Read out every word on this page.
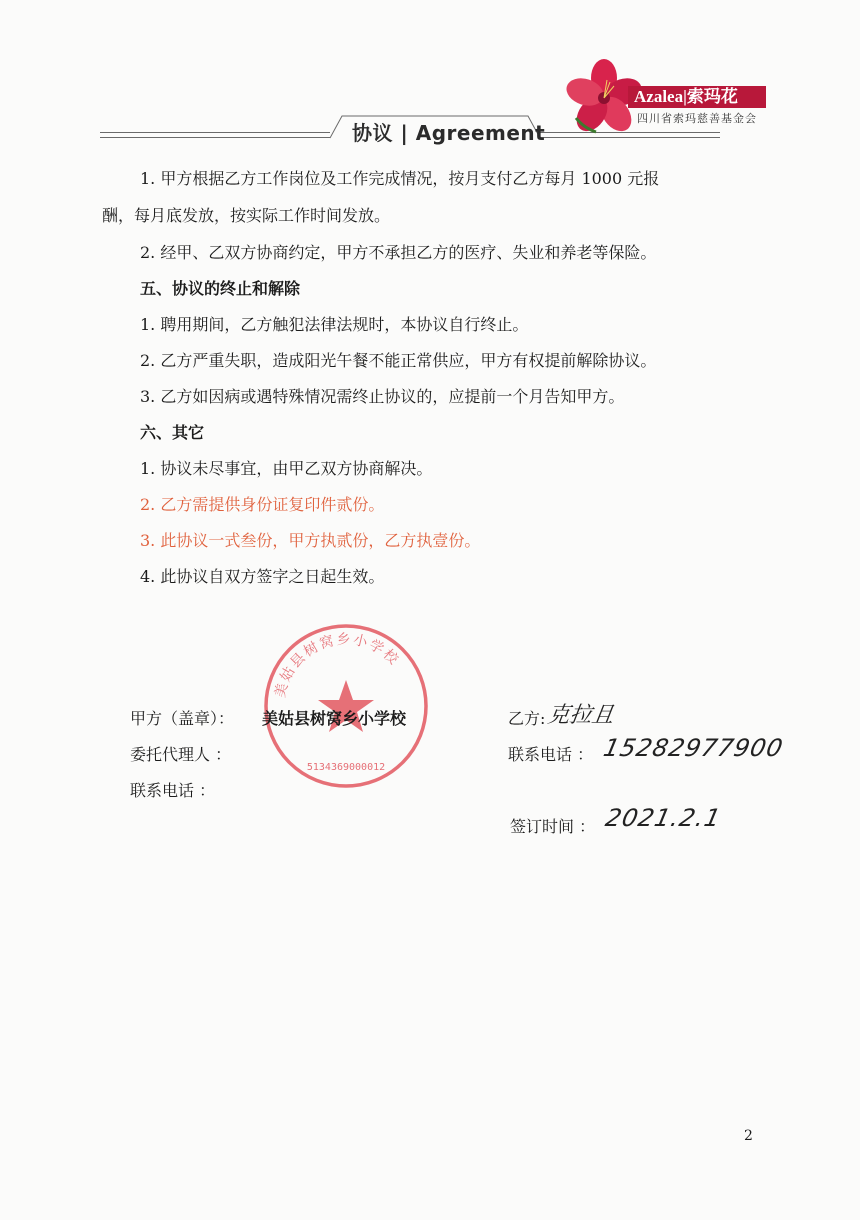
协议 | Agreement
Azalea|索玛花
四川省索玛慈善基金会
1. 甲方根据乙方工作岗位及工作完成情况，按月支付乙方每月 1000 元报
酬，每月底发放，按实际工作时间发放。
2. 经甲、乙双方协商约定，甲方不承担乙方的医疗、失业和养老等保险。
五、协议的终止和解除
1. 聘用期间，乙方触犯法律法规时，本协议自行终止。
2. 乙方严重失职，造成阳光午餐不能正常供应，甲方有权提前解除协议。
3. 乙方如因病或遇特殊情况需终止协议的，应提前一个月告知甲方。
六、其它
1. 协议未尽事宜，由甲乙双方协商解决。
2. 乙方需提供身份证复印件贰份。
3. 此协议一式叁份，甲方执贰份，乙方执壹份。
4. 此协议自双方签字之日起生效。
美姑县树窝乡小学校
5134369000012
甲方（盖章）： 美姑县树窝乡小学校
委托代理人 ：
联系电话 ：
乙方: 克拉且
联系电话 ： 15282977900
签订时间 ： 2021.2.1
2
